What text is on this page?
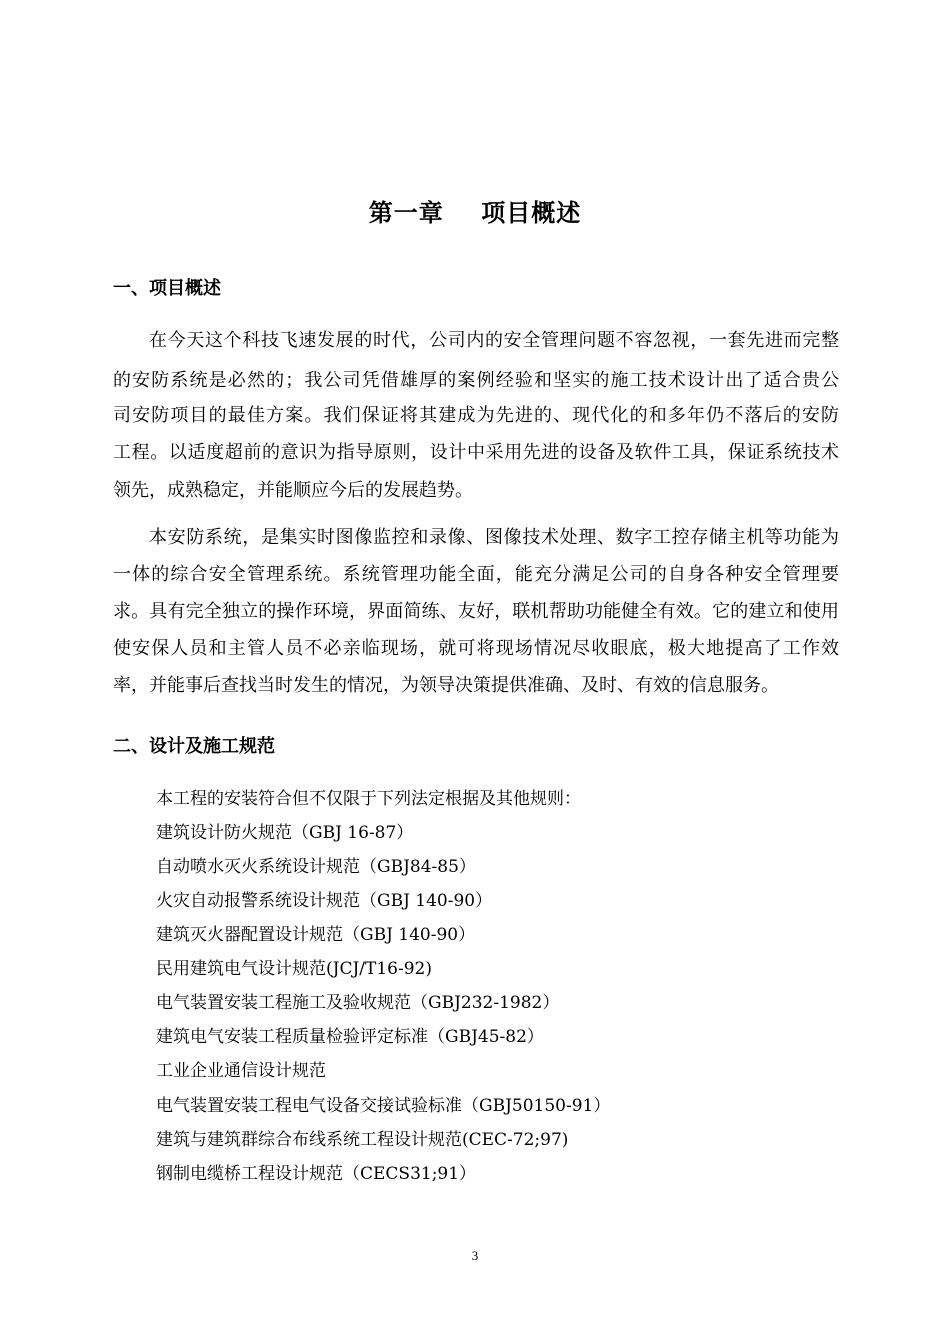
第一章    项目概述
一、项目概述
在今天这个科技飞速发展的时代，公司内的安全管理问题不容忽视，一套先进而完整
的安防系统是必然的；我公司凭借雄厚的案例经验和坚实的施工技术设计出了适合贵公
司安防项目的最佳方案。我们保证将其建成为先进的、现代化的和多年仍不落后的安防
工程。以适度超前的意识为指导原则，设计中采用先进的设备及软件工具，保证系统技术
领先，成熟稳定，并能顺应今后的发展趋势。
本安防系统，是集实时图像监控和录像、图像技术处理、数字工控存储主机等功能为
一体的综合安全管理系统。系统管理功能全面，能充分满足公司的自身各种安全管理要
求。具有完全独立的操作环境，界面简练、友好，联机帮助功能健全有效。它的建立和使用
使安保人员和主管人员不必亲临现场，就可将现场情况尽收眼底，极大地提高了工作效
率，并能事后查找当时发生的情况，为领导决策提供准确、及时、有效的信息服务。
二、设计及施工规范
本工程的安装符合但不仅限于下列法定根据及其他规则：
建筑设计防火规范（GBJ 16-87）
自动喷水灭火系统设计规范（GBJ84-85）
火灾自动报警系统设计规范（GBJ 140-90）
建筑灭火器配置设计规范（GBJ 140-90）
民用建筑电气设计规范(JCJ/T16-92)
电气装置安装工程施工及验收规范（GBJ232-1982）
建筑电气安装工程质量检验评定标准（GBJ45-82）
工业企业通信设计规范
电气装置安装工程电气设备交接试验标准（GBJ50150-91）
建筑与建筑群综合布线系统工程设计规范(CEC-72;97)
钢制电缆桥工程设计规范（CECS31;91）
3
